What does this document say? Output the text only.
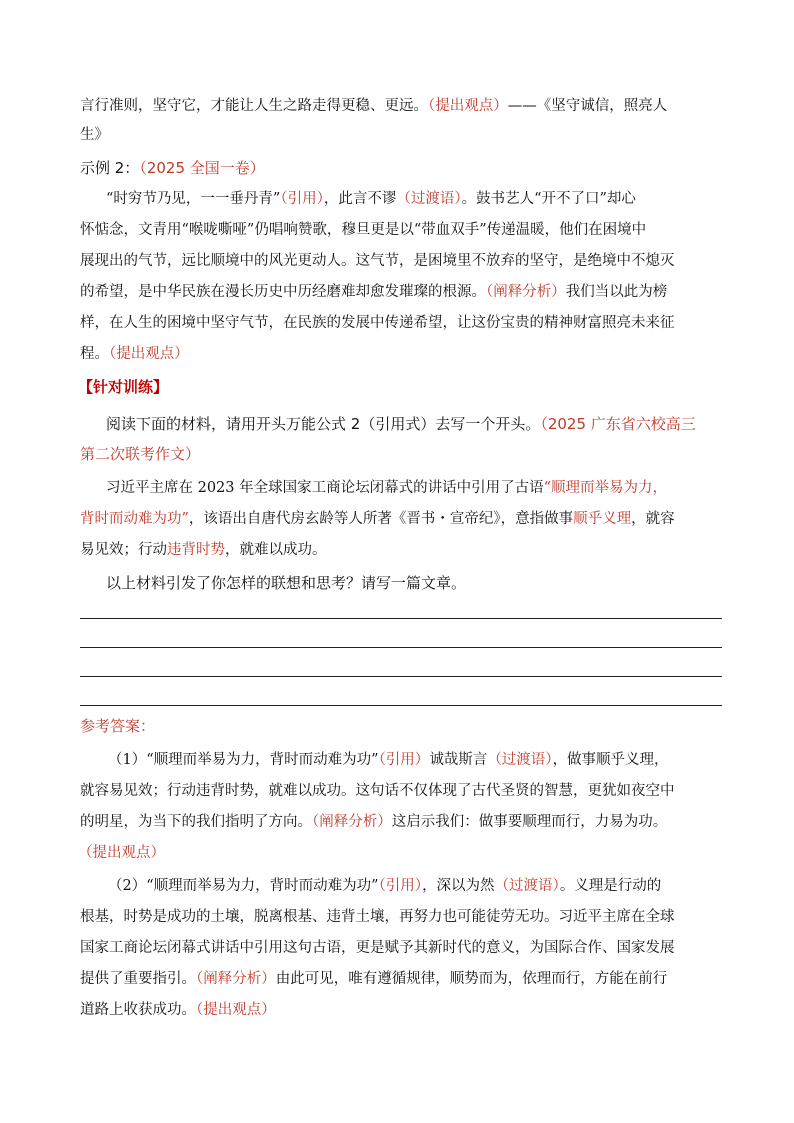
言行准则，坚守它，才能让人生之路走得更稳、更远。（提出观点）——《坚守诚信，照亮人
生》
示例 2：（2025 全国一卷）
“时穷节乃见，一一垂丹青”（引用），此言不谬（过渡语）。鼓书艺人“开不了口”却心
怀惦念，文青用“喉咙嘶哑”仍唱响赞歌，穆旦更是以“带血双手”传递温暖，他们在困境中
展现出的气节，远比顺境中的风光更动人。这气节，是困境里不放弃的坚守，是绝境中不熄灭
的希望，是中华民族在漫长历史中历经磨难却愈发璀璨的根源。（阐释分析）我们当以此为榜
样，在人生的困境中坚守气节，在民族的发展中传递希望，让这份宝贵的精神财富照亮未来征
程。（提出观点）
【针对训练】
阅读下面的材料，请用开头万能公式 2（引用式）去写一个开头。（2025 广东省六校高三
第二次联考作文）
习近平主席在 2023 年全球国家工商论坛闭幕式的讲话中引用了古语“顺理而举易为力，
背时而动难为功”，该语出自唐代房玄龄等人所著《晋书・宣帝纪》，意指做事顺乎义理，就容
易见效；行动违背时势，就难以成功。
以上材料引发了你怎样的联想和思考？请写一篇文章。
参考答案：
（1）“顺理而举易为力，背时而动难为功”（引用）诚哉斯言（过渡语），做事顺乎义理，
就容易见效；行动违背时势，就难以成功。这句话不仅体现了古代圣贤的智慧，更犹如夜空中
的明星，为当下的我们指明了方向。（阐释分析）这启示我们：做事要顺理而行，力易为功。
（提出观点）
（2）“顺理而举易为力，背时而动难为功”（引用），深以为然（过渡语）。义理是行动的
根基，时势是成功的土壤，脱离根基、违背土壤，再努力也可能徒劳无功。习近平主席在全球
国家工商论坛闭幕式讲话中引用这句古语，更是赋予其新时代的意义，为国际合作、国家发展
提供了重要指引。（阐释分析）由此可见，唯有遵循规律，顺势而为，依理而行，方能在前行
道路上收获成功。（提出观点）
